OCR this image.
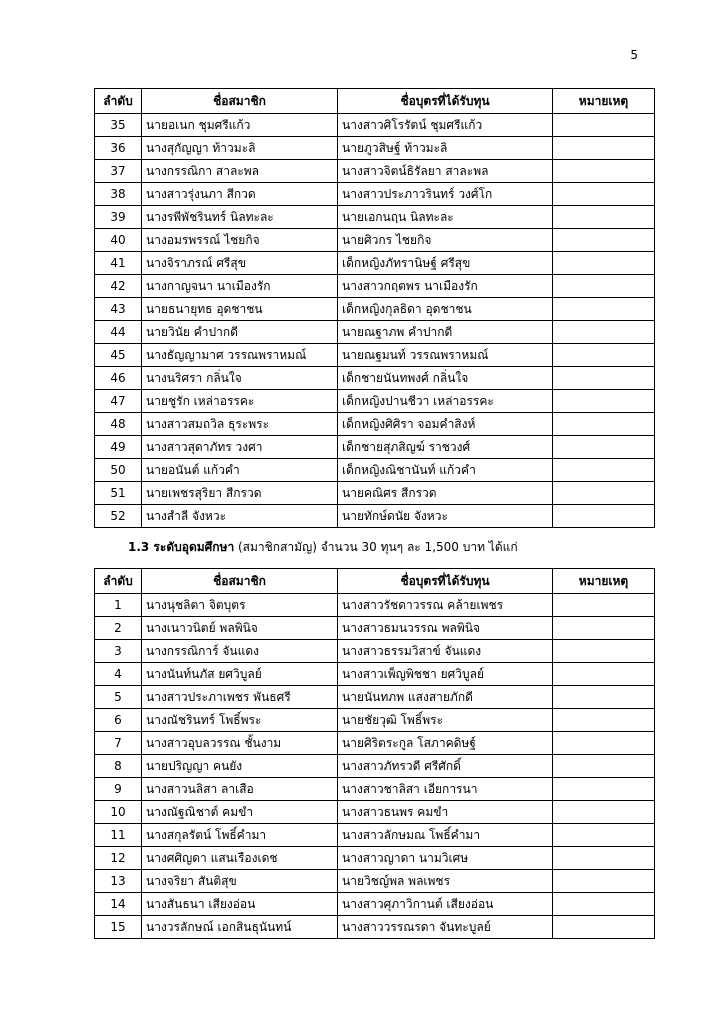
5
ลำดับ	ชื่อสมาชิก	ชื่อบุตรที่ได้รับทุน	หมายเหตุ
35	นายอเนก ชุมศรีแก้ว	นางสาวศิโรรัตน์ ชุมศรีแก้ว	
36	นางสุกัญญา ท้าวมะลิ	นายภูวสิษฐ์ ท้าวมะลิ	
37	นางกรรณิกา สาละพล	นางสาวจิตน์ธิรัลยา สาละพล	
38	นางสาวรุ่งนภา สีกวด	นางสาวประภาวรินทร์ วงศ์โก	
39	นางรพีพัชรินทร์ นิลทะละ	นายเอกนฤน นิลทะละ	
40	นางอมรพรรณ์ ไชยกิจ	นายศิวกร ไชยกิจ	
41	นางจิราภรณ์ ศรีสุข	เด็กหญิงภัทรานิษฐ์ ศรีสุข	
42	นางกาญจนา นาเมืองรัก	นางสาวกฤตพร นาเมืองรัก	
43	นายธนายุทธ อุดชาชน	เด็กหญิงกุลธิดา อุดชาชน	
44	นายวินัย คำปากดี	นายณฐาภพ คำปากดี	
45	นางธัญญามาศ วรรณพราหมณ์	นายณฐมนท์ วรรณพราหมณ์	
46	นางนริศรา กลิ่นใจ	เด็กชายนันทพงศ์ กลิ่นใจ	
47	นายชูรัก เหล่าอรรคะ	เด็กหญิงปานชีวา เหล่าอรรคะ	
48	นางสาวสมถวิล ธุระพระ	เด็กหญิงศิศิรา จอมคำสิงห์	
49	นางสาวสุดาภัทร วงศา	เด็กชายสุภสิญฆ์ ราชวงศ์	
50	นายอนันต์ แก้วคำ	เด็กหญิงณิชานันท์ แก้วคำ	
51	นายเพชรสุริยา สีกรวด	นายคณิศร สีกรวด	
52	นางสำลี จังหวะ	นายทักษ์ดนัย จังหวะ	
1.3 ระดับอุดมศึกษา (สมาชิกสามัญ) จำนวน 30 ทุนๆ ละ 1,500 บาท ได้แก่
ลำดับ	ชื่อสมาชิก	ชื่อบุตรที่ได้รับทุน	หมายเหตุ
1	นางนุชลิตา จิตบุตร	นางสาวรัชดาวรรณ คล้ายเพชร	
2	นางเนาวนิตย์ พลพินิจ	นางสาวธมนวรรณ พลพินิจ	
3	นางกรรณิการ์ จันแดง	นางสาวธรรมวิสาข์ จันแดง	
4	นางนันท์นภัส ยศวิบูลย์	นางสาวเพ็ญพิชชา ยศวิบูลย์	
5	นางสาวประภาเพชร พันธศรี	นายนันทภพ แสงสายภักดี	
6	นางณัชรินทร์ โพธิ์พระ	นายชัยวุฒิ โพธิ์พระ	
7	นางสาวอุบลวรรณ ชั้นงาม	นายศิริตระกูล โสภาคดิษฐ์	
8	นายปริญญา คนยัง	นางสาวภัทรวดี ศรีศักดิ์	
9	นางสาวนลิสา ลาเสือ	นางสาวชาลิสา เอียการนา	
10	นางณัฐณิชาต์ คมขำ	นางสาวธนพร คมขำ	
11	นางสกุลรัตน์ โพธิ์คำมา	นางสาวลักษมณ โพธิ์คำมา	
12	นางศศิญดา แสนเรืองเดช	นางสาวญาดา นามวิเศษ	
13	นางจริยา สันติสุข	นายวิชญ์พล พลเพชร	
14	นางสันธนา เสียงอ่อน	นางสาวศุภาวิกานต์ เสียงอ่อน	
15	นางวรลักษณ์ เอกสินธุนันทน์	นางสาววรรณรดา จันทะบูลย์	
